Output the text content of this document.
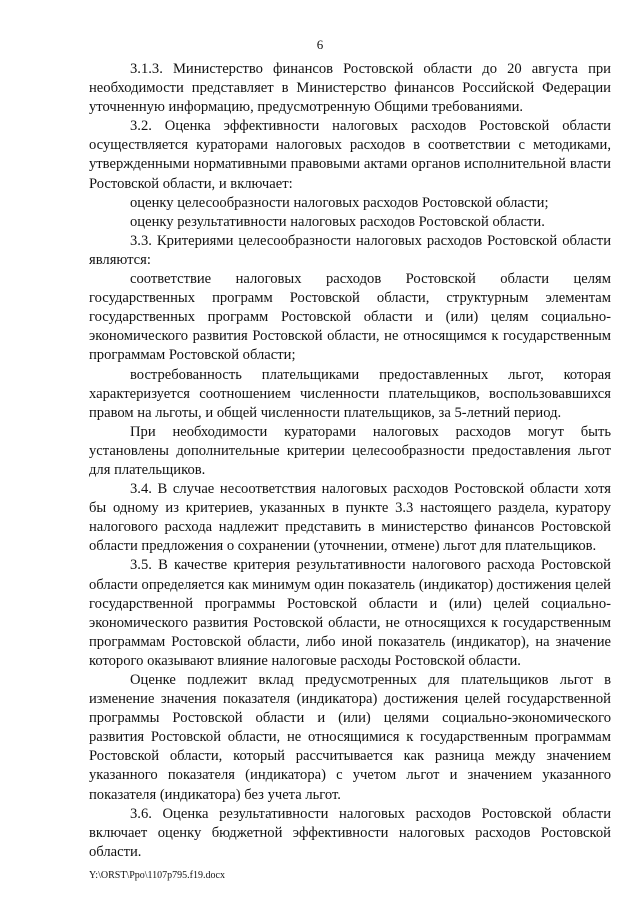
6

3.1.3. Министерство финансов Ростовской области до 20 августа при необходимости представляет в Министерство финансов Российской Федерации уточненную информацию, предусмотренную Общими требованиями.

3.2. Оценка эффективности налоговых расходов Ростовской области осуществляется кураторами налоговых расходов в соответствии с методиками, утвержденными нормативными правовыми актами органов исполнительной власти Ростовской области, и включает:

оценку целесообразности налоговых расходов Ростовской области;

оценку результативности налоговых расходов Ростовской области.

3.3. Критериями целесообразности налоговых расходов Ростовской области являются:

соответствие налоговых расходов Ростовской области целям государственных программ Ростовской области, структурным элементам государственных программ Ростовской области и (или) целям социально-экономического развития Ростовской области, не относящимся к государственным программам Ростовской области;

востребованность плательщиками предоставленных льгот, которая характеризуется соотношением численности плательщиков, воспользовавшихся правом на льготы, и общей численности плательщиков, за 5-летний период.

При необходимости кураторами налоговых расходов могут быть установлены дополнительные критерии целесообразности предоставления льгот для плательщиков.

3.4. В случае несоответствия налоговых расходов Ростовской области хотя бы одному из критериев, указанных в пункте 3.3 настоящего раздела, куратору налогового расхода надлежит представить в министерство финансов Ростовской области предложения о сохранении (уточнении, отмене) льгот для плательщиков.

3.5. В качестве критерия результативности налогового расхода Ростовской области определяется как минимум один показатель (индикатор) достижения целей государственной программы Ростовской области и (или) целей социально-экономического развития Ростовской области, не относящихся к государственным программам Ростовской области, либо иной показатель (индикатор), на значение которого оказывают влияние налоговые расходы Ростовской области.

Оценке подлежит вклад предусмотренных для плательщиков льгот в изменение значения показателя (индикатора) достижения целей государственной программы Ростовской области и (или) целями социально-экономического развития Ростовской области, не относящимися к государственным программам Ростовской области, который рассчитывается как разница между значением указанного показателя (индикатора) с учетом льгот и значением указанного показателя (индикатора) без учета льгот.

3.6. Оценка результативности налоговых расходов Ростовской области включает оценку бюджетной эффективности налоговых расходов Ростовской области.

Y:\ORST\Ppo\1107p795.f19.docx
